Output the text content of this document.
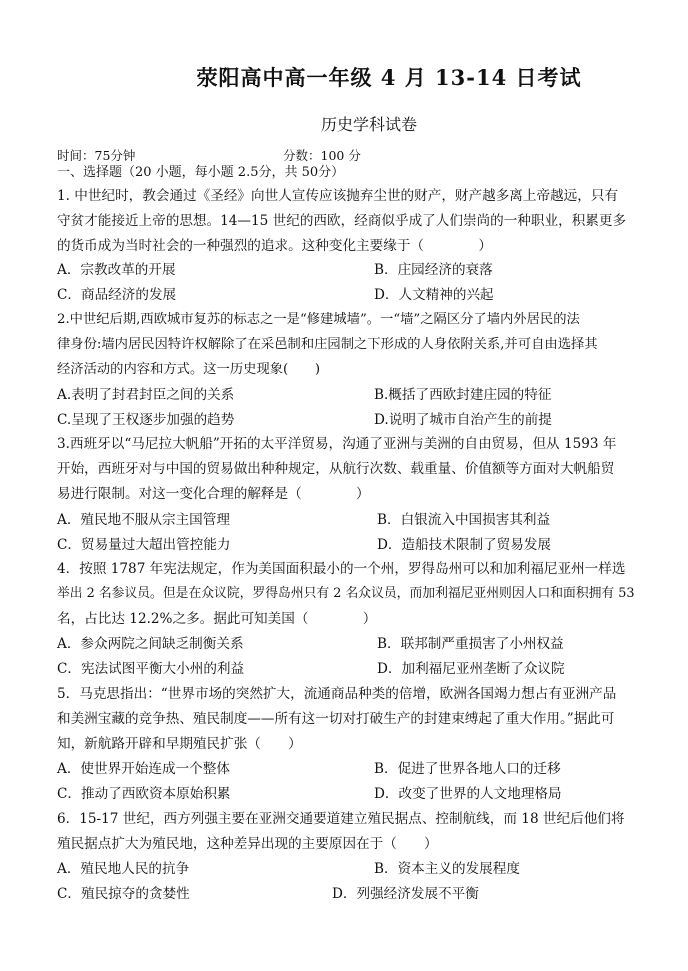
荥阳高中高一年级 4 月 13-14 日考试
历史学科试卷
时间：75分钟	分数：100 分
一、选择题（20 小题，每小题 2.5分，共 50分）
1. 中世纪时，教会通过《圣经》向世人宣传应该抛弃尘世的财产，财产越多离上帝越远，只有
守贫才能接近上帝的思想。14—15 世纪的西欧，经商似乎成了人们崇尚的一种职业，积累更多
的货币成为当时社会的一种强烈的追求。这种变化主要缘于（　　　　）
A．宗教改革的开展	B．庄园经济的衰落
C．商品经济的发展	D．人文精神的兴起
2.中世纪后期,西欧城市复苏的标志之一是“修建城墙”。一“墙”之隔区分了墙内外居民的法
律身份:墙内居民因特许权解除了在采邑制和庄园制之下形成的人身依附关系,并可自由选择其
经济活动的内容和方式。这一历史现象(　　)
A.表明了封君封臣之间的关系	B.概括了西欧封建庄园的特征
C.呈现了王权逐步加强的趋势	D.说明了城市自治产生的前提
3.西班牙以“马尼拉大帆船”开拓的太平洋贸易，沟通了亚洲与美洲的自由贸易，但从 1593 年
开始，西班牙对与中国的贸易做出种种规定，从航行次数、载重量、价值额等方面对大帆船贸
易进行限制。对这一变化合理的解释是（　　　　）
A．殖民地不服从宗主国管理	B．白银流入中国损害其利益
C．贸易量过大超出管控能力	D．造船技术限制了贸易发展
4．按照 1787 年宪法规定，作为美国面积最小的一个州，罗得岛州可以和加利福尼亚州一样选
举出 2 名参议员。但是在众议院，罗得岛州只有 2 名众议员，而加利福尼亚州则因人口和面积拥有 53
名，占比达 12.2%之多。据此可知美国（　　　　）
A．参众两院之间缺乏制衡关系	B．联邦制严重损害了小州权益
C．宪法试图平衡大小州的利益	D．加利福尼亚州垄断了众议院
5．马克思指出：“世界市场的突然扩大，流通商品种类的倍增，欧洲各国竭力想占有亚洲产品
和美洲宝藏的竞争热、殖民制度——所有这一切对打破生产的封建束缚起了重大作用。”据此可
知，新航路开辟和早期殖民扩张（　　）
A．使世界开始连成一个整体	B．促进了世界各地人口的迁移
C．推动了西欧资本原始积累	D．改变了世界的人文地理格局
6．15-17 世纪，西方列强主要在亚洲交通要道建立殖民据点、控制航线，而 18 世纪后他们将
殖民据点扩大为殖民地，这种差异出现的主要原因在于（　　）
A．殖民地人民的抗争	B．资本主义的发展程度
C．殖民掠夺的贪婪性	D．列强经济发展不平衡
